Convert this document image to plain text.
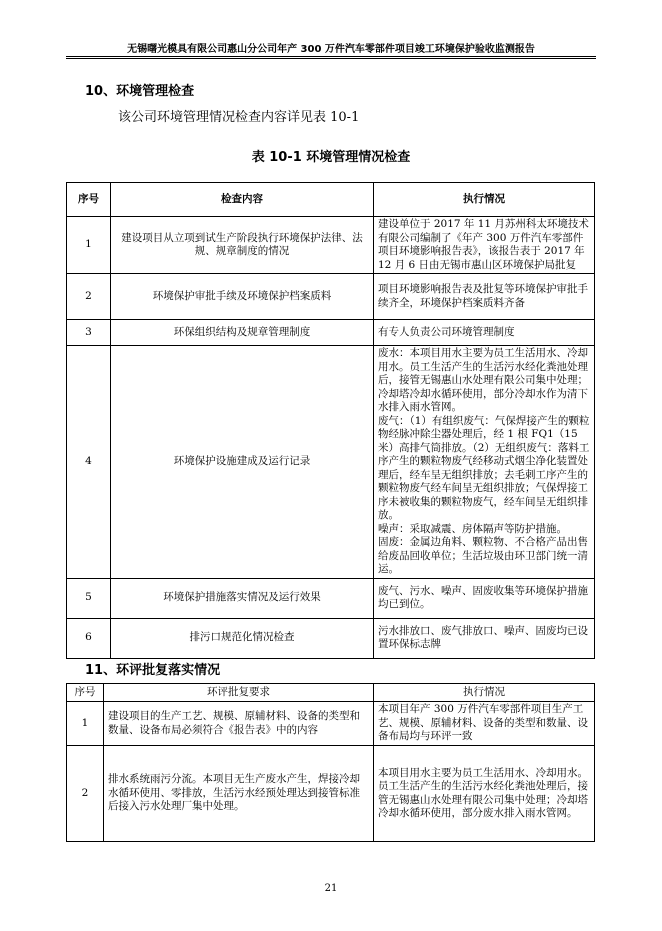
无锡曙光模具有限公司惠山分公司年产 300 万件汽车零部件项目竣工环境保护验收监测报告
10、环境管理检查
该公司环境管理情况检查内容详见表 10-1
表 10-1 环境管理情况检查
序号	检查内容	执行情况
1	建设项目从立项到试生产阶段执行环境保护法律、法规、规章制度的情况	建设单位于 2017 年 11 月苏州科太环境技术有限公司编制了《年产 300 万件汽车零部件项目环境影响报告表》，该报告表于 2017 年 12 月 6 日由无锡市惠山区环境保护局批复
2	环境保护审批手续及环境保护档案质料	项目环境影响报告表及批复等环境保护审批手续齐全，环境保护档案质料齐备
3	环保组织结构及规章管理制度	有专人负责公司环境管理制度
4	环境保护设施建成及运行记录	废水：本项目用水主要为员工生活用水、冷却用水。员工生活产生的生活污水经化粪池处理后，接管无锡惠山水处理有限公司集中处理；冷却塔冷却水循环使用，部分冷却水作为清下水排入雨水管网。
废气：（1）有组织废气：气保焊接产生的颗粒物经脉冲除尘器处理后，经 1 根 FQ1（15 米）高排气筒排放。（2）无组织废气：落料工序产生的颗粒物废气经移动式烟尘净化装置处理后，经车呈无组织排放；去毛刺工序产生的颗粒物废气经车间呈无组织排放；气保焊接工序未被收集的颗粒物废气，经车间呈无组织排放。
噪声：采取减震、房体隔声等防护措施。
固废：金属边角料、颗粒物、不合格产品出售给废品回收单位；生活垃圾由环卫部门统一清运。
5	环境保护措施落实情况及运行效果	废气、污水、噪声、固废收集等环境保护措施均已到位。
6	排污口规范化情况检查	污水排放口、废气排放口、噪声、固废均已设置环保标志牌
11、环评批复落实情况
序号	环评批复要求	执行情况
1	建设项目的生产工艺、规模、原辅材料、设备的类型和数量、设备布局必须符合《报告表》中的内容	本项目年产 300 万件汽车零部件项目生产工艺、规模、原辅材料、设备的类型和数量、设备布局均与环评一致
2	排水系统雨污分流。本项目无生产废水产生，焊接冷却水循环使用、零排放，生活污水经预处理达到接管标准后接入污水处理厂集中处理。	本项目用水主要为员工生活用水、冷却用水。员工生活产生的生活污水经化粪池处理后，接管无锡惠山水处理有限公司集中处理；冷却塔冷却水循环使用，部分废水排入雨水管网。
21
